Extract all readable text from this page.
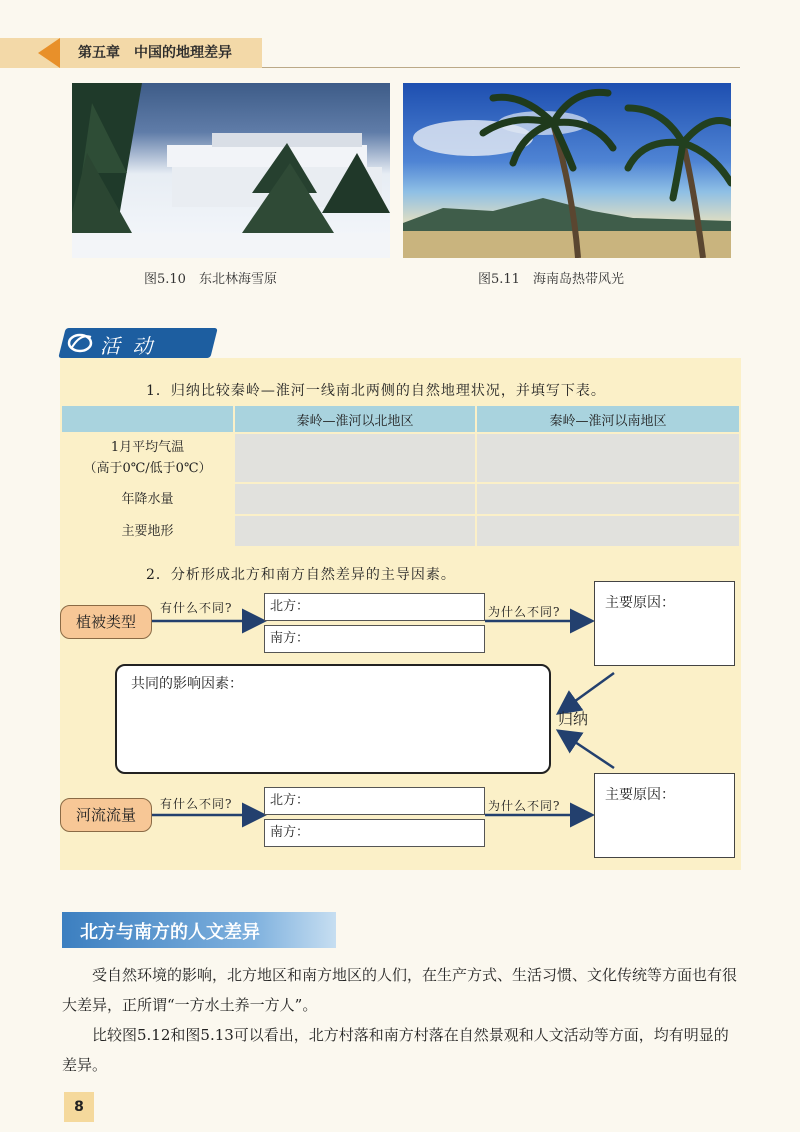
第五章　中国的地理差异
图5.10　东北林海雪原	图5.11　海南岛热带风光
活 动
1．归纳比较秦岭—淮河一线南北两侧的自然地理状况，并填写下表。
	秦岭—淮河以北地区	秦岭—淮河以南地区
1月平均气温
（高于0℃/低于0℃）		
年降水量		
主要地形		
2．分析形成北方和南方自然差异的主导因素。
植被类型
有什么不同?	北方：
南方：
为什么不同?
主要原因：
共同的影响因素：
归纳
主要原因：
河流流量
有什么不同?	北方：
南方：
为什么不同?
北方与南方的人文差异

受自然环境的影响，北方地区和南方地区的人们，在生产方式、生活习惯、文化传统等方面也有很大差异，正所谓“一方水土养一方人”。

比较图5.12和图5.13可以看出，北方村落和南方村落在自然景观和人文活动等方面，均有明显的差异。

8
